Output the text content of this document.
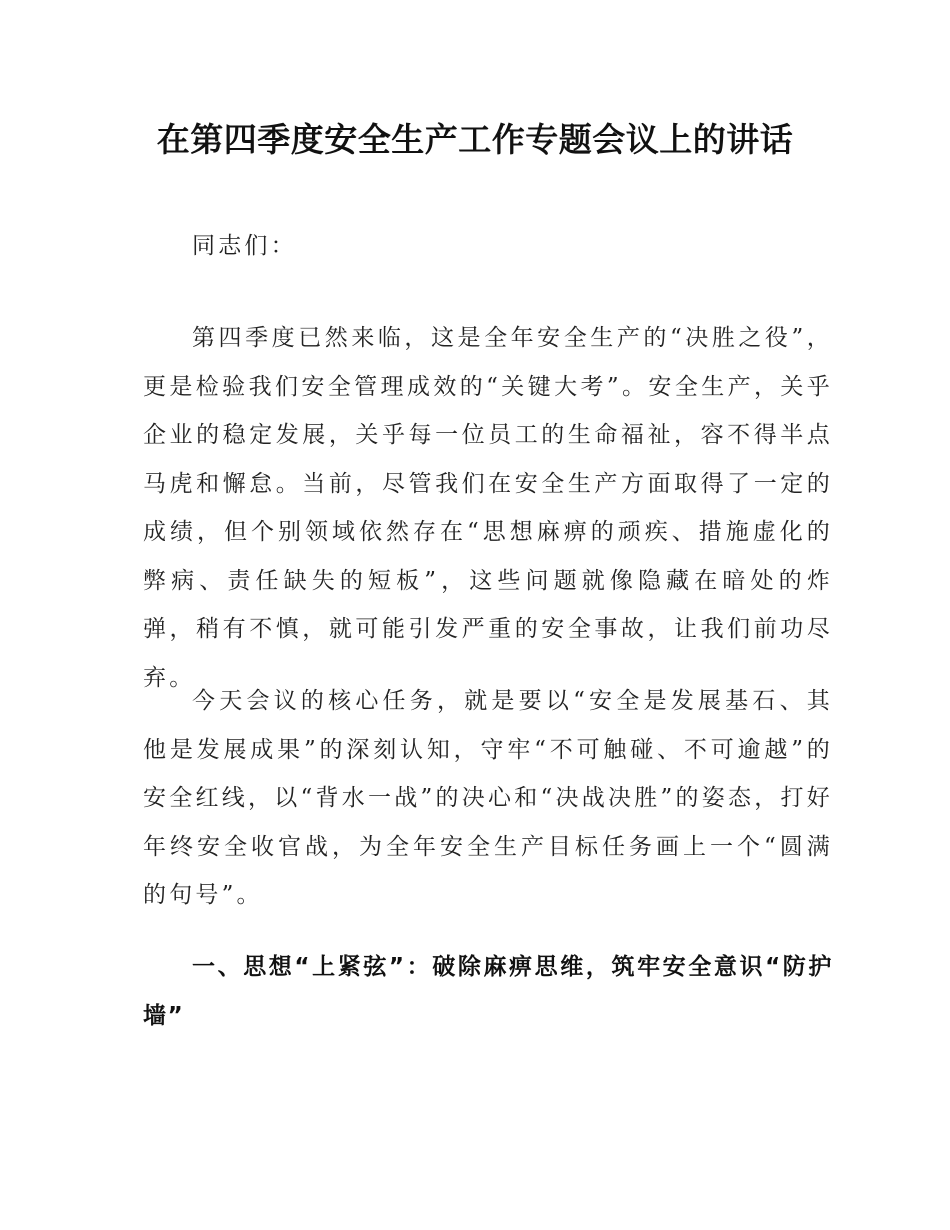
在第四季度安全生产工作专题会议上的讲话

同志们：

第四季度已然来临，这是全年安全生产的“决胜之役”，更是检验我们安全管理成效的“关键大考”。安全生产，关乎企业的稳定发展，关乎每一位员工的生命福祉，容不得半点马虎和懈怠。当前，尽管我们在安全生产方面取得了一定的成绩，但个别领域依然存在“思想麻痹的顽疾、措施虚化的弊病、责任缺失的短板”，这些问题就像隐藏在暗处的炸弹，稍有不慎，就可能引发严重的安全事故，让我们前功尽弃。

今天会议的核心任务，就是要以“安全是发展基石、其他是发展成果”的深刻认知，守牢“不可触碰、不可逾越”的安全红线，以“背水一战”的决心和“决战决胜”的姿态，打好年终安全收官战，为全年安全生产目标任务画上一个“圆满的句号”。

一、思想“上紧弦”：破除麻痹思维，筑牢安全意识“防护墙”
